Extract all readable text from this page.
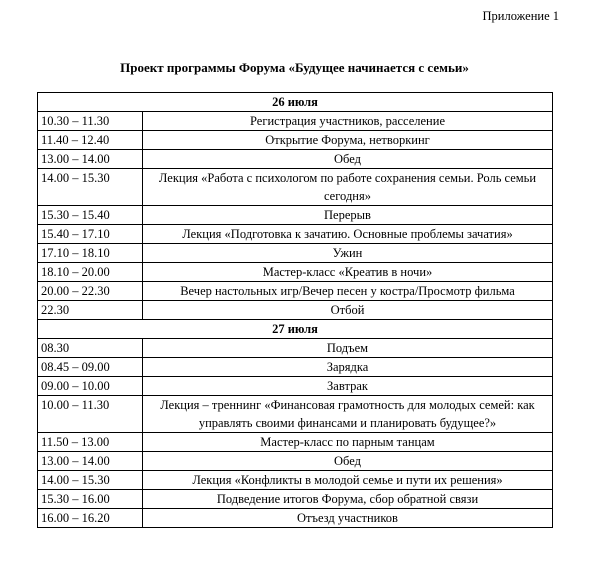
Приложение 1
Проект программы Форума «Будущее начинается с семьи»
26 июля	
10.30 – 11.30	Регистрация участников, расселение
11.40 – 12.40	Открытие Форума, нетворкинг
13.00 – 14.00	Обед
14.00 – 15.30	Лекция «Работа с психологом по работе сохранения семьи. Роль семьи сегодня»
15.30 – 15.40	Перерыв
15.40 – 17.10	Лекция «Подготовка к зачатию. Основные проблемы зачатия»
17.10 – 18.10	Ужин
18.10 – 20.00	Мастер-класс «Креатив в ночи»
20.00 – 22.30	Вечер настольных игр/Вечер песен у костра/Просмотр фильма
22.30	Отбой
27 июля	
08.30	Подъем
08.45 – 09.00	Зарядка
09.00 – 10.00	Завтрак
10.00 – 11.30	Лекция – треннинг «Финансовая грамотность для молодых семей: как управлять своими финансами и планировать будущее?»
11.50 – 13.00	Мастер-класс по парным танцам
13.00 – 14.00	Обед
14.00 – 15.30	Лекция «Конфликты в молодой семье и пути их решения»
15.30 – 16.00	Подведение итогов Форума, сбор обратной связи
16.00 – 16.20	Отъезд участников
